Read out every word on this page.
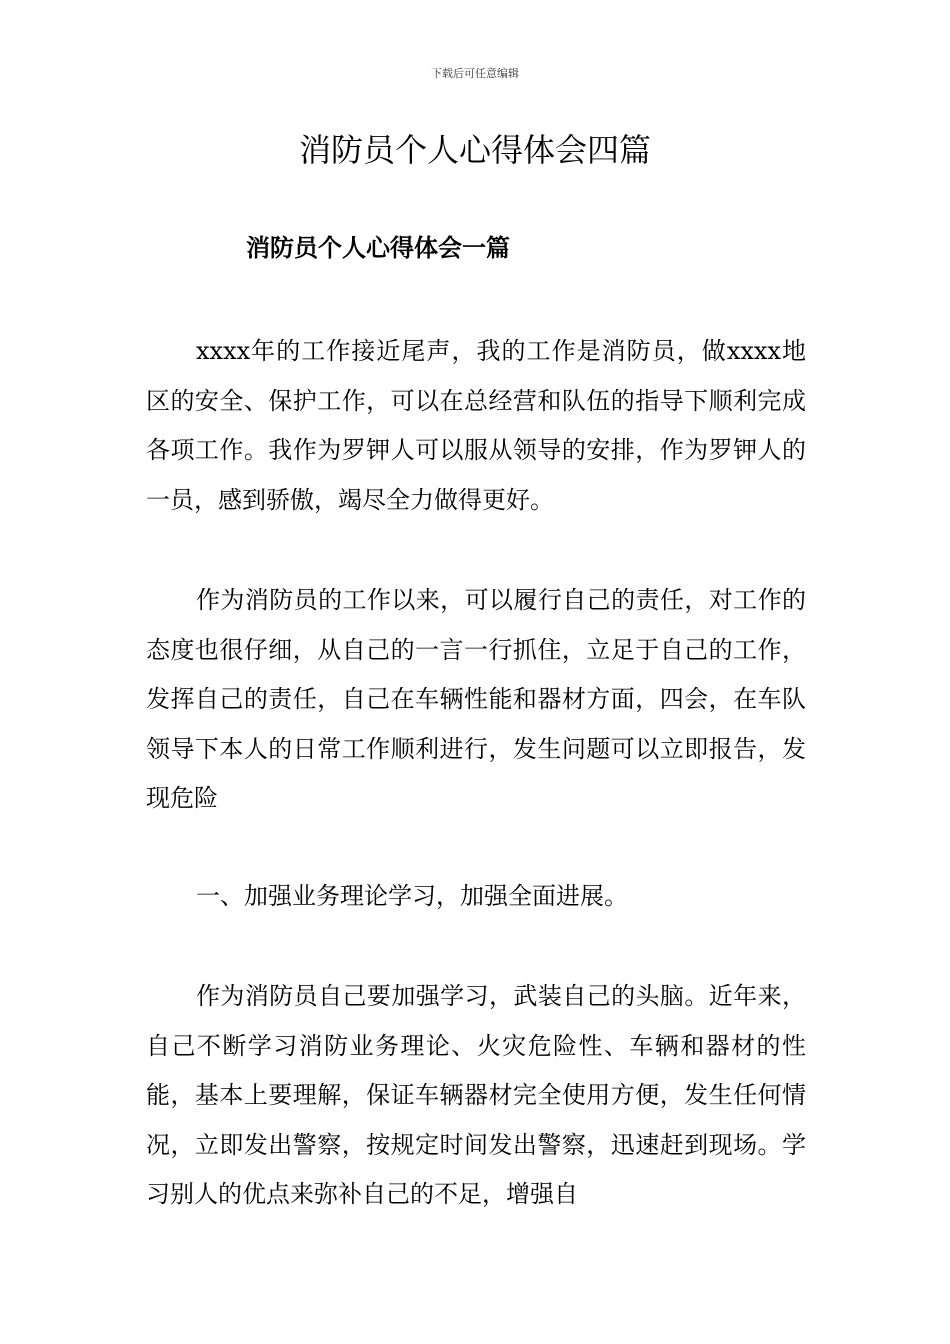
下载后可任意编辑
消防员个人心得体会四篇
消防员个人心得体会一篇

xxxx年的工作接近尾声，我的工作是消防员，做xxxx地区的安全、保护工作，可以在总经营和队伍的指导下顺利完成各项工作。我作为罗钾人可以服从领导的安排，作为罗钾人的一员，感到骄傲，竭尽全力做得更好。

作为消防员的工作以来，可以履行自己的责任，对工作的态度也很仔细，从自己的一言一行抓住，立足于自己的工作，发挥自己的责任，自己在车辆性能和器材方面，四会，在车队领导下本人的日常工作顺利进行，发生问题可以立即报告，发现危险

一、加强业务理论学习，加强全面进展。

作为消防员自己要加强学习，武装自己的头脑。近年来，自己不断学习消防业务理论、火灾危险性、车辆和器材的性能，基本上要理解，保证车辆器材完全使用方便，发生任何情况，立即发出警察，按规定时间发出警察，迅速赶到现场。学习别人的优点来弥补自己的不足，增强自
